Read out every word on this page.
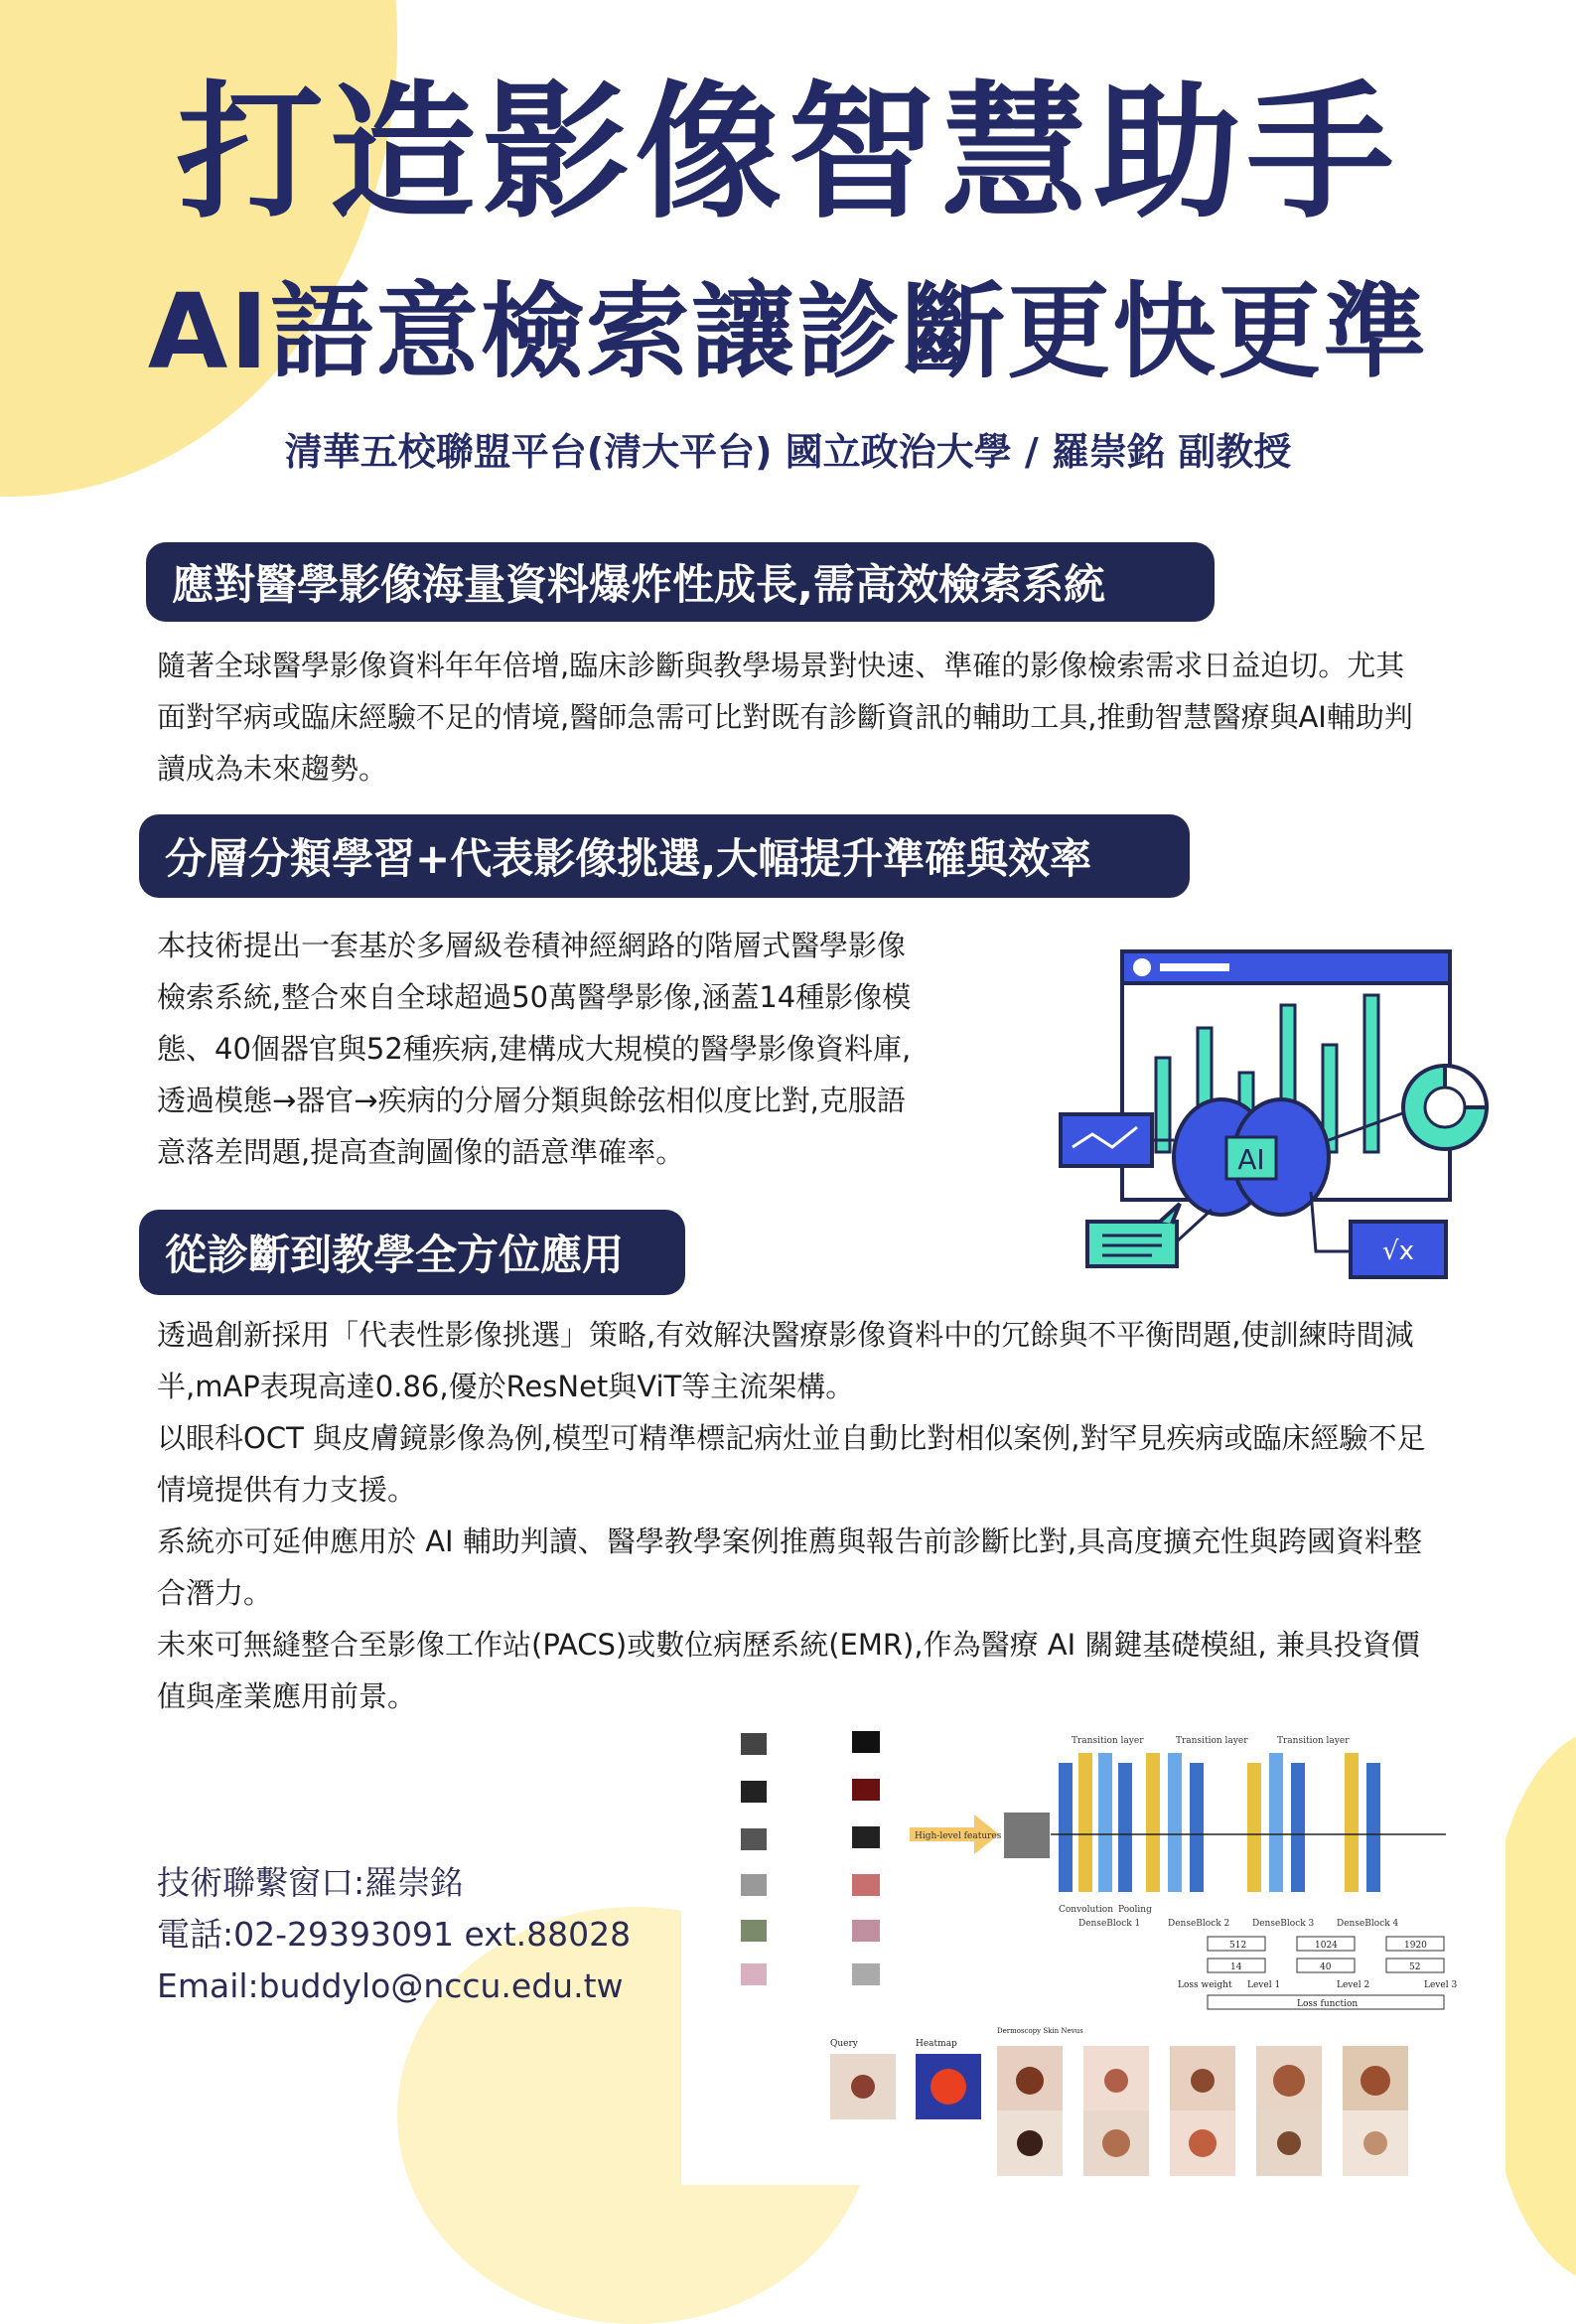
打造影像智慧助手
AI語意檢索讓診斷更快更準
清華五校聯盟平台(清大平台) 國立政治大學 / 羅崇銘 副教授
應對醫學影像海量資料爆炸性成長,需高效檢索系統
隨著全球醫學影像資料年年倍增,臨床診斷與教學場景對快速、準確的影像檢索需求日益迫切。尤其面對罕病或臨床經驗不足的情境,醫師急需可比對既有診斷資訊的輔助工具,推動智慧醫療與AI輔助判讀成為未來趨勢。
分層分類學習+代表影像挑選,大幅提升準確與效率
本技術提出一套基於多層級卷積神經網路的階層式醫學影像檢索系統,整合來自全球超過50萬醫學影像,涵蓋14種影像模態、40個器官與52種疾病,建構成大規模的醫學影像資料庫,透過模態→器官→疾病的分層分類與餘弦相似度比對,克服語意落差問題,提高查詢圖像的語意準確率。	AI
√x
從診斷到教學全方位應用
透過創新採用「代表性影像挑選」策略,有效解決醫療影像資料中的冗餘與不平衡問題,使訓練時間減半,mAP表現高達0.86,優於ResNet與ViT等主流架構。
以眼科OCT 與皮膚鏡影像為例,模型可精準標記病灶並自動比對相似案例,對罕見疾病或臨床經驗不足情境提供有力支援。
系統亦可延伸應用於 AI 輔助判讀、醫學教學案例推薦與報告前診斷比對,具高度擴充性與跨國資料整合潛力。
未來可無縫整合至影像工作站(PACS)或數位病歷系統(EMR),作為醫療 AI 關鍵基礎模組, 兼具投資價值與產業應用前景。
技術聯繫窗口:羅崇銘
電話:02-29393091 ext.88028
Email:buddylo@nccu.edu.tw
High-level features
Transition layer	Transition layer	Transition layer
Convolution Pooling
DenseBlock 1	DenseBlock 2	DenseBlock 3	DenseBlock 4
512	1024	1920
14	40	52
Loss weight Level 1	Level 2	Level 3
Loss function
Query	Heatmap
Dermoscopy Skin Nevus
